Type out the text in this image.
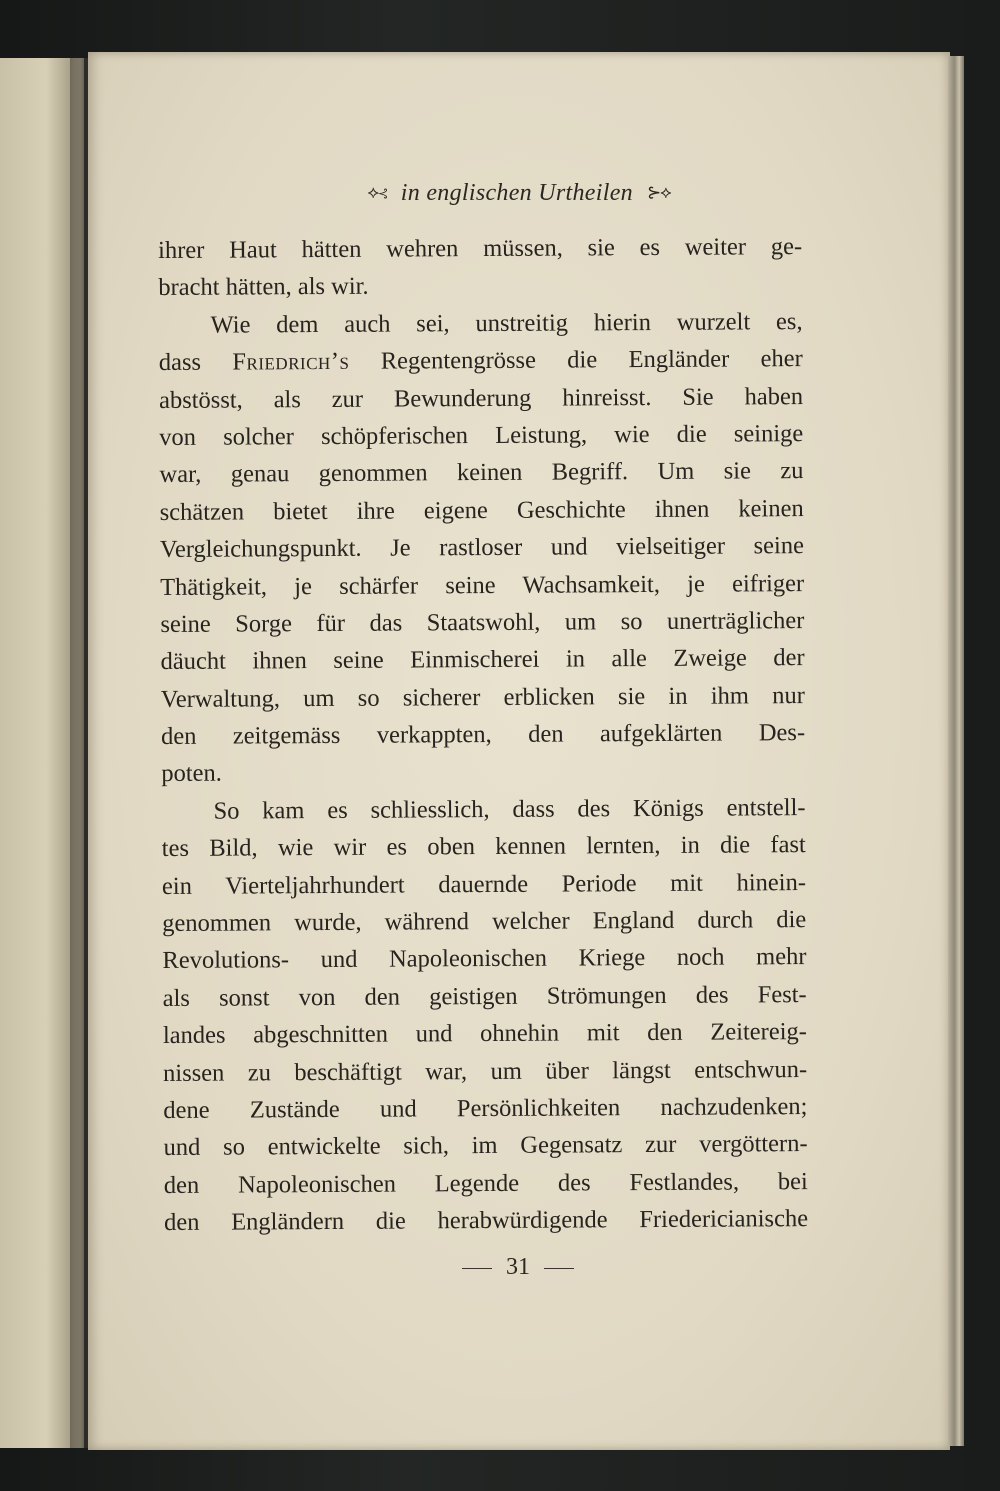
⟡⊰ in englischen Urtheilen ⊱⟡
ihrer Haut hätten wehren müssen, sie es weiter ge-
bracht hätten, als wir.
Wie dem auch sei, unstreitig hierin wurzelt es,
dass Friedrich’s Regentengrösse die Engländer eher
abstösst, als zur Bewunderung hinreisst. Sie haben
von solcher schöpferischen Leistung, wie die seinige
war, genau genommen keinen Begriff. Um sie zu
schätzen bietet ihre eigene Geschichte ihnen keinen
Vergleichungspunkt. Je rastloser und vielseitiger seine
Thätigkeit, je schärfer seine Wachsamkeit, je eifriger
seine Sorge für das Staatswohl, um so unerträglicher
däucht ihnen seine Einmischerei in alle Zweige der
Verwaltung, um so sicherer erblicken sie in ihm nur
den zeitgemäss verkappten, den aufgeklärten Des-
poten.
So kam es schliesslich, dass des Königs entstell-
tes Bild, wie wir es oben kennen lernten, in die fast
ein Vierteljahrhundert dauernde Periode mit hinein-
genommen wurde, während welcher England durch die
Revolutions- und Napoleonischen Kriege noch mehr
als sonst von den geistigen Strömungen des Fest-
landes abgeschnitten und ohnehin mit den Zeitereig-
nissen zu beschäftigt war, um über längst entschwun-
dene Zustände und Persönlichkeiten nachzudenken;
und so entwickelte sich, im Gegensatz zur vergöttern-
den Napoleonischen Legende des Festlandes, bei
den Engländern die herabwürdigende Friedericianische
31
